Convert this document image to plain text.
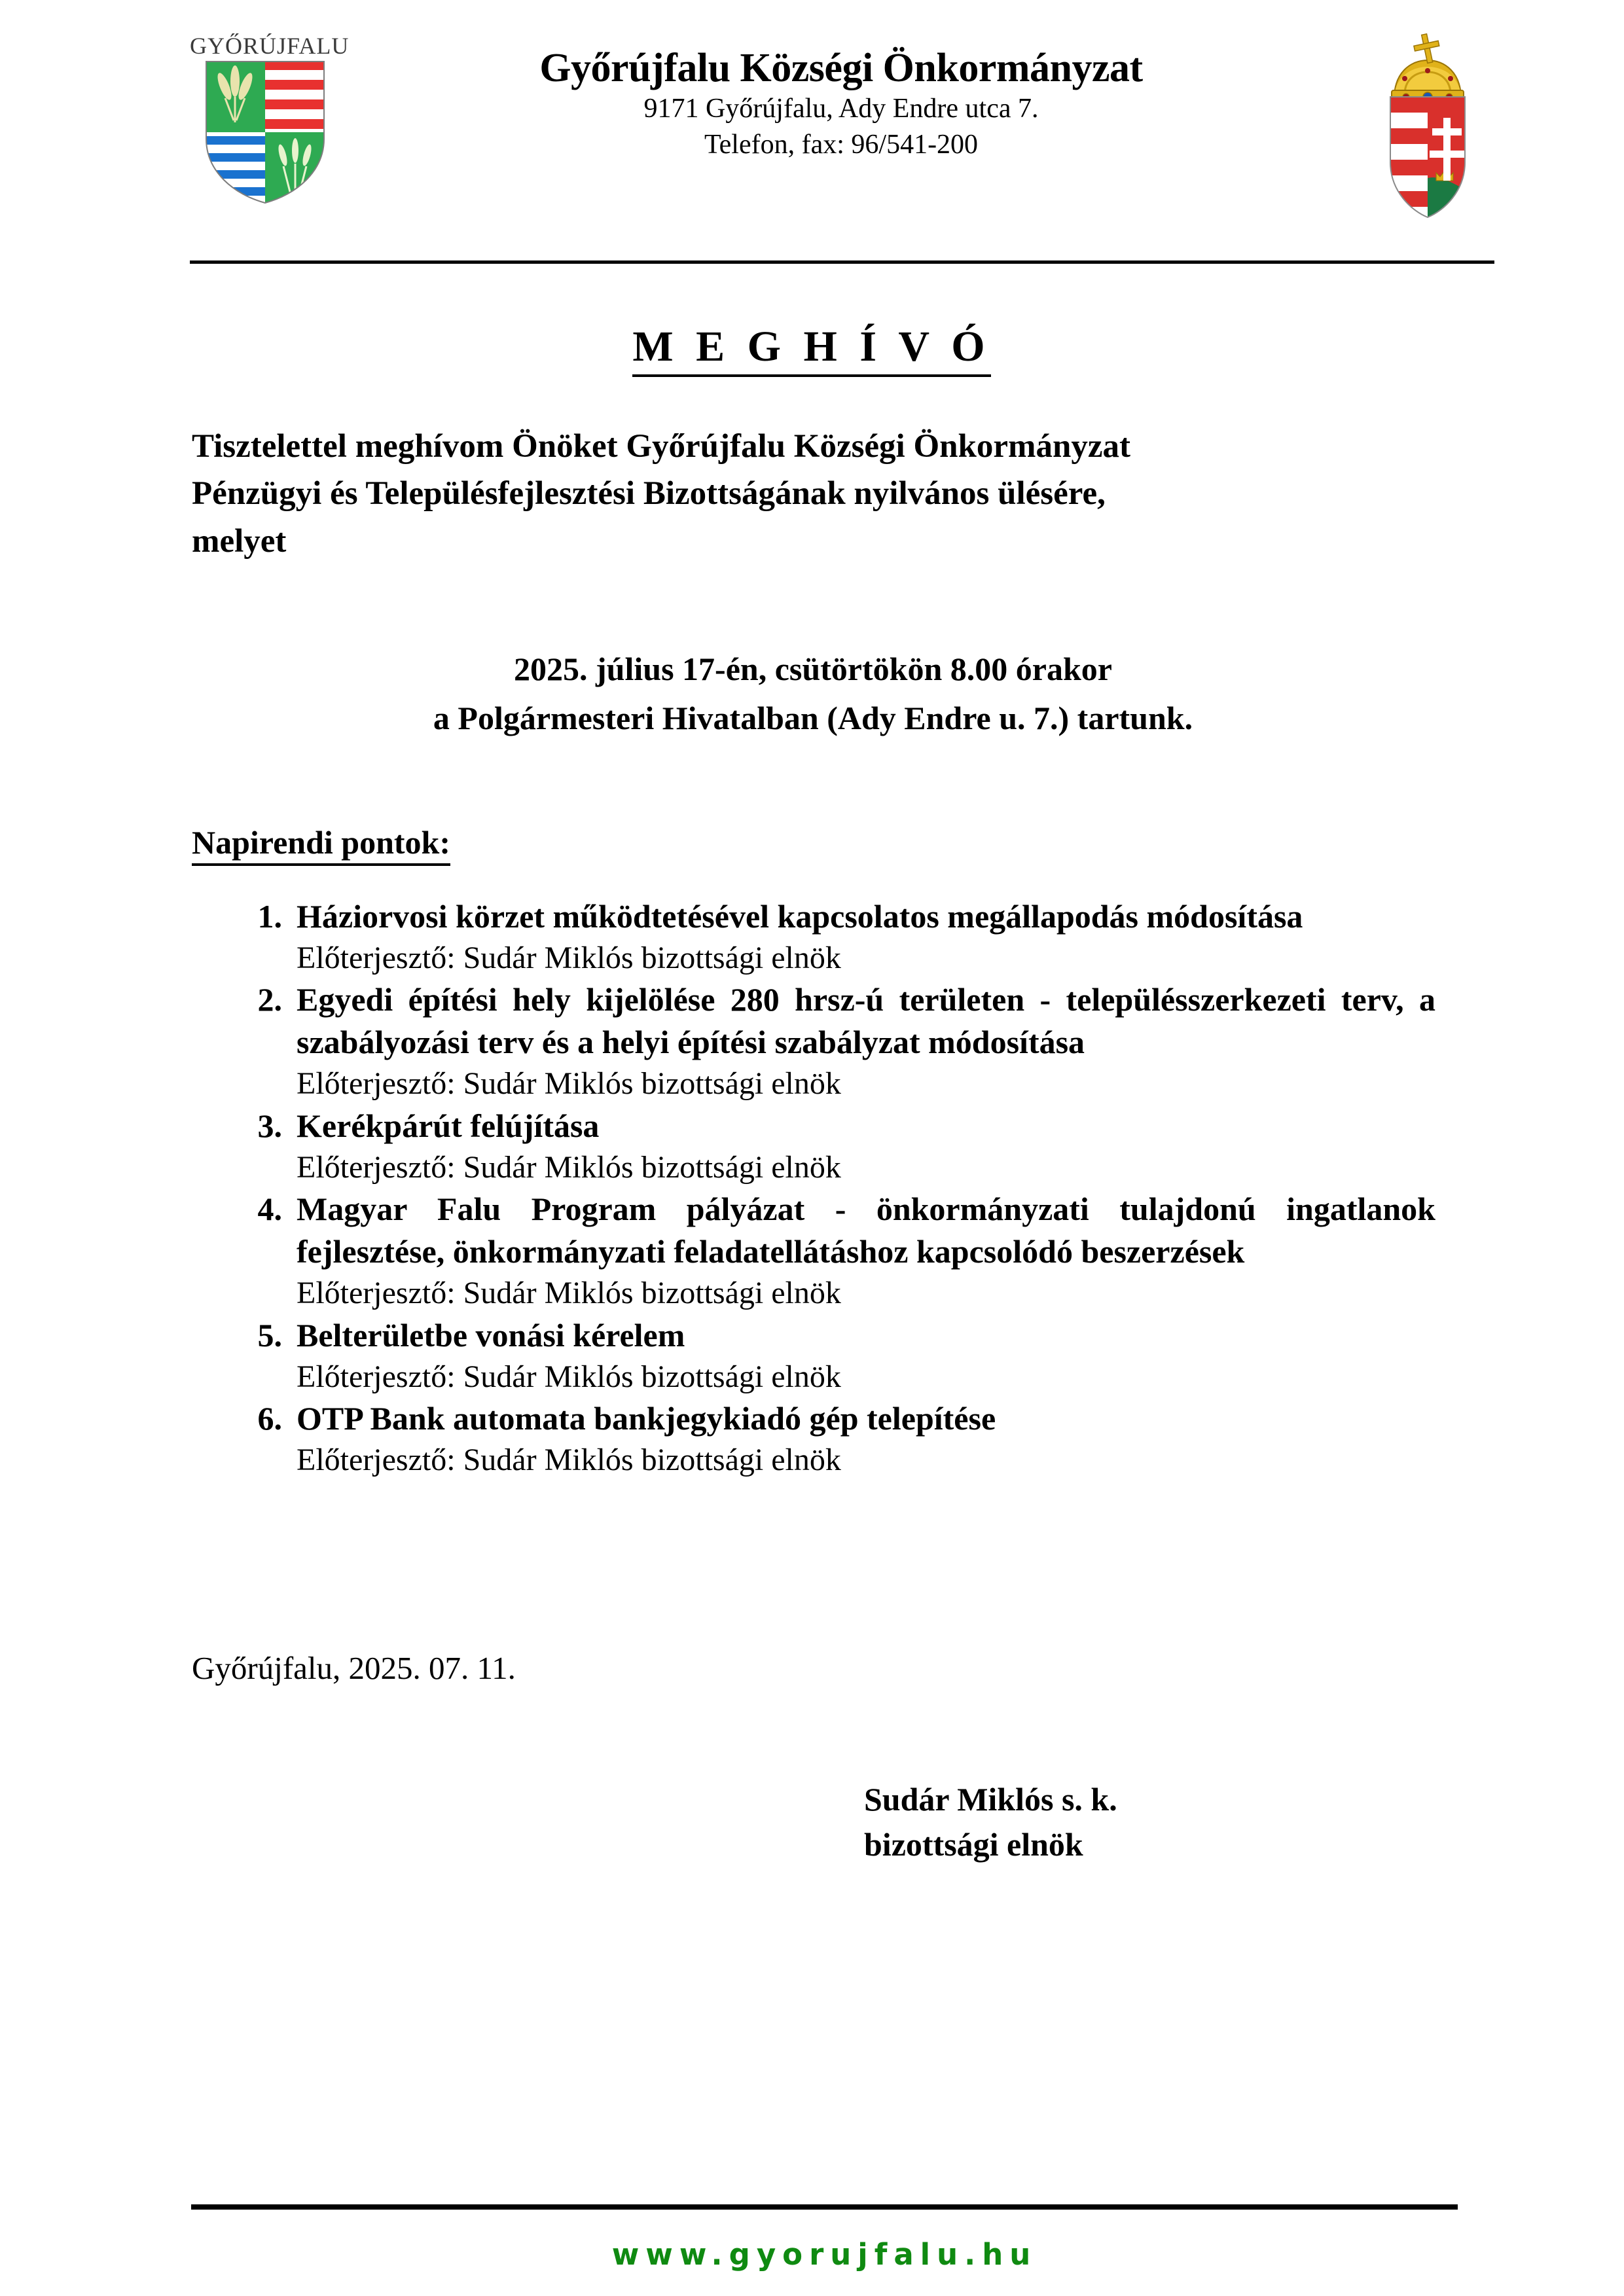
GYŐRÚJFALU	Győrújfalu Községi Önkormányzat
9171 Győrújfalu, Ady Endre utca 7.
Telefon, fax: 96/541-200
M E G H Í V Ó
Tisztelettel meghívom Önöket Győrújfalu Községi Önkormányzat
Pénzügyi és Településfejlesztési Bizottságának nyilvános ülésére,
melyet
2025. július 17-én, csütörtökön 8.00 órakor
a Polgármesteri Hivatalban (Ady Endre u. 7.) tartunk.
Napirendi pontok:
1. Háziorvosi körzet működtetésével kapcsolatos megállapodás módosítása
Előterjesztő: Sudár Miklós bizottsági elnök
2. Egyedi építési hely kijelölése 280 hrsz-ú területen - településszerkezeti terv, a szabályozási terv és a helyi építési szabályzat módosítása
Előterjesztő: Sudár Miklós bizottsági elnök
3. Kerékpárút felújítása
Előterjesztő: Sudár Miklós bizottsági elnök
4. Magyar Falu Program pályázat - önkormányzati tulajdonú ingatlanok fejlesztése, önkormányzati feladatellátáshoz kapcsolódó beszerzések
Előterjesztő: Sudár Miklós bizottsági elnök
5. Belterületbe vonási kérelem
Előterjesztő: Sudár Miklós bizottsági elnök
6. OTP Bank automata bankjegykiadó gép telepítése
Előterjesztő: Sudár Miklós bizottsági elnök
Győrújfalu, 2025. 07. 11.
Sudár Miklós s. k.
bizottsági elnök
www.gyorujfalu.hu
